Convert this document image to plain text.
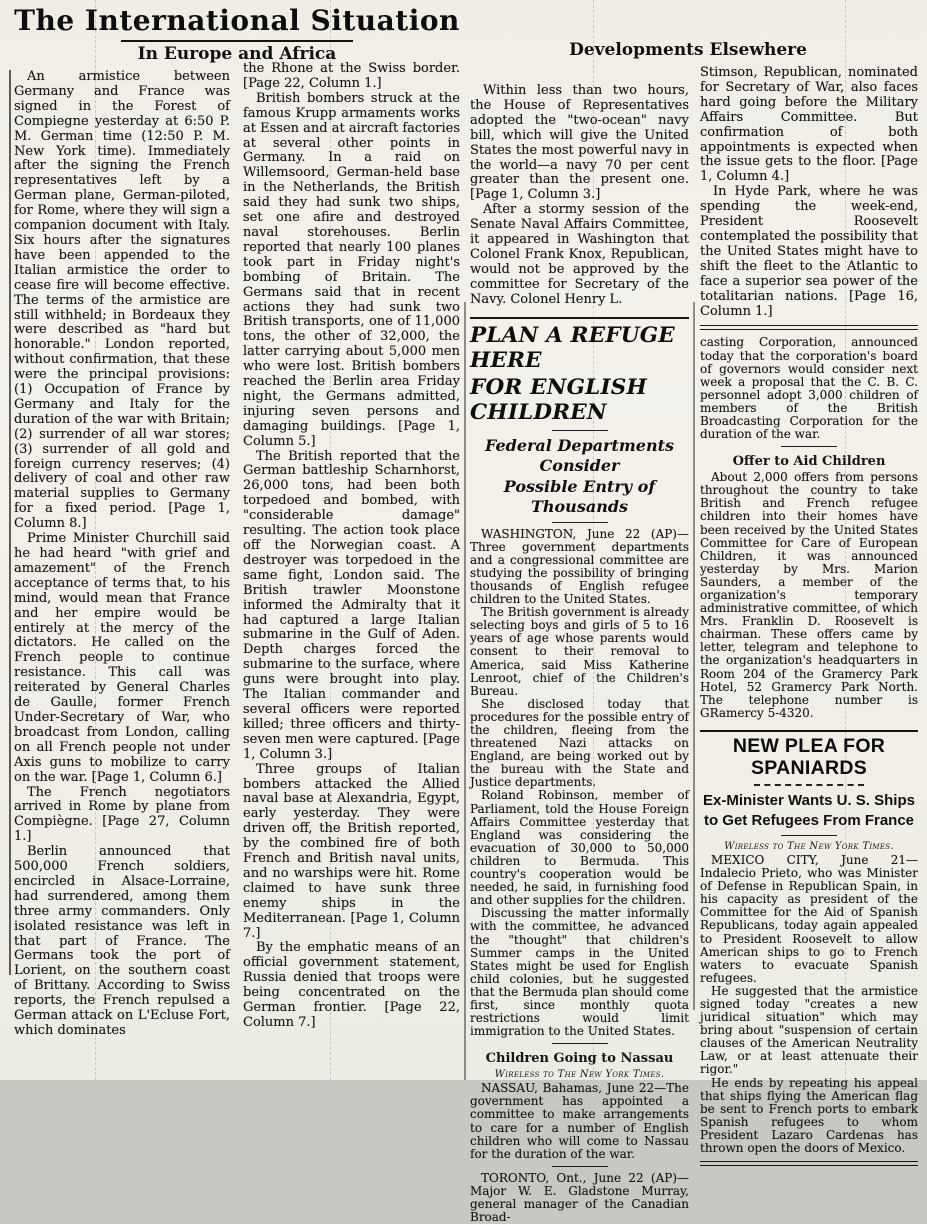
The International Situation
In Europe and Africa	Developments Elsewhere

An armistice between Germany and France was signed in the Forest of Compiegne yesterday at 6:50 P. M. German time (12:50 P. M. New York time). Immediately after the signing the French representatives left by a German plane, German-piloted, for Rome, where they will sign a companion document with Italy. Six hours after the signatures have been appended to the Italian armistice the order to cease fire will become effective. The terms of the armistice are still withheld; in Bordeaux they were described as "hard but honorable." London reported, without confirmation, that these were the principal provisions: (1) Occupation of France by Germany and Italy for the duration of the war with Britain; (2) surrender of all war stores; (3) surrender of all gold and foreign currency reserves; (4) delivery of coal and other raw material supplies to Germany for a fixed period. [Page 1, Column 8.]

Prime Minister Churchill said he had heard "with grief and amazement" of the French acceptance of terms that, to his mind, would mean that France and her empire would be entirely at the mercy of the dictators. He called on the French people to continue resistance. This call was reiterated by General Charles de Gaulle, former French Under-Secretary of War, who broadcast from London, calling on all French people not under Axis guns to mobilize to carry on the war. [Page 1, Column 6.]

The French negotiators arrived in Rome by plane from Compiègne. [Page 27, Column 1.]

Berlin announced that 500,000 French soldiers, encircled in Alsace-Lorraine, had surrendered, among them three army commanders. Only isolated resistance was left in that part of France. The Germans took the port of Lorient, on the southern coast of Brittany. According to Swiss reports, the French repulsed a German attack on L'Ecluse Fort, which dominates

the Rhone at the Swiss border. [Page 22, Column 1.]

British bombers struck at the famous Krupp armaments works at Essen and at aircraft factories at several other points in Germany. In a raid on Willemsoord, German-held base in the Netherlands, the British said they had sunk two ships, set one afire and destroyed naval storehouses. Berlin reported that nearly 100 planes took part in Friday night's bombing of Britain. The Germans said that in recent actions they had sunk two British transports, one of 11,000 tons, the other of 32,000, the latter carrying about 5,000 men who were lost. British bombers reached the Berlin area Friday night, the Germans admitted, injuring seven persons and damaging buildings. [Page 1, Column 5.]

The British reported that the German battleship Scharnhorst, 26,000 tons, had been both torpedoed and bombed, with "considerable damage" resulting. The action took place off the Norwegian coast. A destroyer was torpedoed in the same fight, London said. The British trawler Moonstone informed the Admiralty that it had captured a large Italian submarine in the Gulf of Aden. Depth charges forced the submarine to the surface, where guns were brought into play. The Italian commander and several officers were reported killed; three officers and thirty-seven men were captured. [Page 1, Column 3.]

Three groups of Italian bombers attacked the Allied naval base at Alexandria, Egypt, early yesterday. They were driven off, the British reported, by the combined fire of both French and British naval units, and no warships were hit. Rome claimed to have sunk three enemy ships in the Mediterranean. [Page 1, Column 7.]

By the emphatic means of an official government statement, Russia denied that troops were being concentrated on the German frontier. [Page 22, Column 7.]

Within less than two hours, the House of Representatives adopted the "two-ocean" navy bill, which will give the United States the most powerful navy in the world—a navy 70 per cent greater than the present one. [Page 1, Column 3.]

After a stormy session of the Senate Naval Affairs Committee, it appeared in Washington that Colonel Frank Knox, Republican, would not be approved by the committee for Secretary of the Navy. Colonel Henry L.

PLAN A REFUGE HERE
FOR ENGLISH CHILDREN

Federal Departments Consider

Possible Entry of Thousands

WASHINGTON, June 22 (AP)—Three government departments and a congressional committee are studying the possibility of bringing thousands of English refugee children to the United States.

The British government is already selecting boys and girls of 5 to 16 years of age whose parents would consent to their removal to America, said Miss Katherine Lenroot, chief of the Children's Bureau.

She disclosed today that procedures for the possible entry of the children, fleeing from the threatened Nazi attacks on England, are being worked out by the bureau with the State and Justice departments.

Roland Robinson, member of Parliament, told the House Foreign Affairs Committee yesterday that England was considering the evacuation of 30,000 to 50,000 children to Bermuda. This country's cooperation would be needed, he said, in furnishing food and other supplies for the children.

Discussing the matter informally with the committee, he advanced the "thought" that children's Summer camps in the United States might be used for English child colonies, but he suggested that the Bermuda plan should come first, since monthly quota restrictions would limit immigration to the United States.

Children Going to Nassau

Wireless to The New York Times.

NASSAU, Bahamas, June 22—The government has appointed a committee to make arrangements to care for a number of English children who will come to Nassau for the duration of the war.

TORONTO, Ont., June 22 (AP)—Major W. E. Gladstone Murray, general manager of the Canadian Broad-

Stimson, Republican, nominated for Secretary of War, also faces hard going before the Military Affairs Committee. But confirmation of both appointments is expected when the issue gets to the floor. [Page 1, Column 4.]

In Hyde Park, where he was spending the week-end, President Roosevelt contemplated the possibility that the United States might have to shift the fleet to the Atlantic to face a superior sea power of the totalitarian nations. [Page 16, Column 1.]

casting Corporation, announced today that the corporation's board of governors would consider next week a proposal that the C. B. C. personnel adopt 3,000 children of members of the British Broadcasting Corporation for the duration of the war.

Offer to Aid Children

About 2,000 offers from persons throughout the country to take British and French refugee children into their homes have been received by the United States Committee for Care of European Children, it was announced yesterday by Mrs. Marion Saunders, a member of the organization's temporary administrative committee, of which Mrs. Franklin D. Roosevelt is chairman. These offers came by letter, telegram and telephone to the organization's headquarters in Room 204 of the Gramercy Park Hotel, 52 Gramercy Park North. The telephone number is GRamercy 5-4320.

NEW PLEA FOR SPANIARDS

Ex-Minister Wants U. S. Ships

to Get Refugees From France

Wireless to The New York Times.

MEXICO CITY, June 21—Indalecio Prieto, who was Minister of Defense in Republican Spain, in his capacity as president of the Committee for the Aid of Spanish Republicans, today again appealed to President Roosevelt to allow American ships to go to French waters to evacuate Spanish refugees.

He suggested that the armistice signed today "creates a new juridical situation" which may bring about "suspension of certain clauses of the American Neutrality Law, or at least attenuate their rigor."

He ends by repeating his appeal that ships flying the American flag be sent to French ports to embark Spanish refugees to whom President Lazaro Cardenas has thrown open the doors of Mexico.
